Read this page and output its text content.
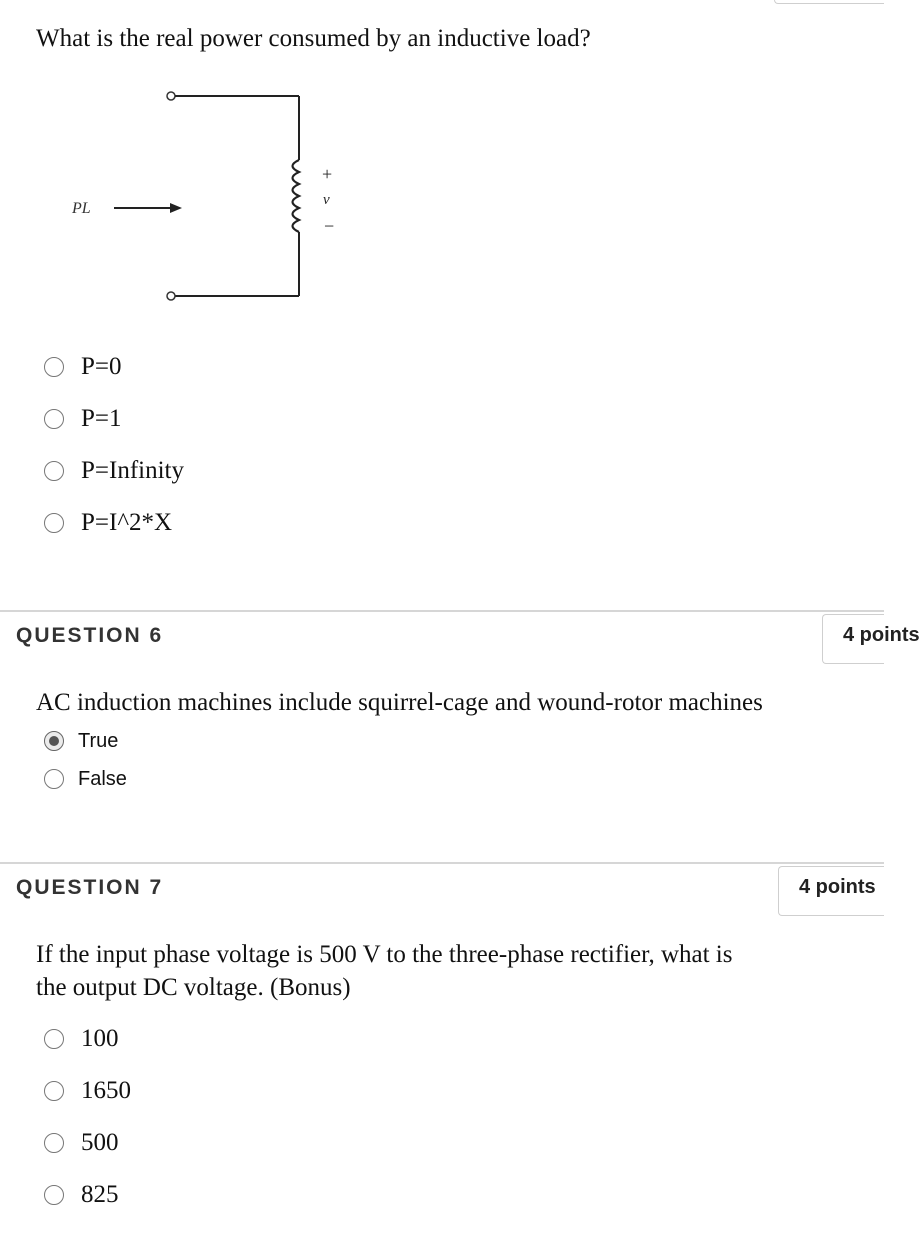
What is the real power consumed by an inductive load?
PL
+
v
−
P=0
P=1
P=Infinity
P=I^2*X
QUESTION 6	4 points
AC induction machines include squirrel-cage and wound-rotor machines
True
False
QUESTION 7	4 points
If the input phase voltage is 500 V to the three-phase rectifier, what is
the output DC voltage. (Bonus)
100
1650
500
825
